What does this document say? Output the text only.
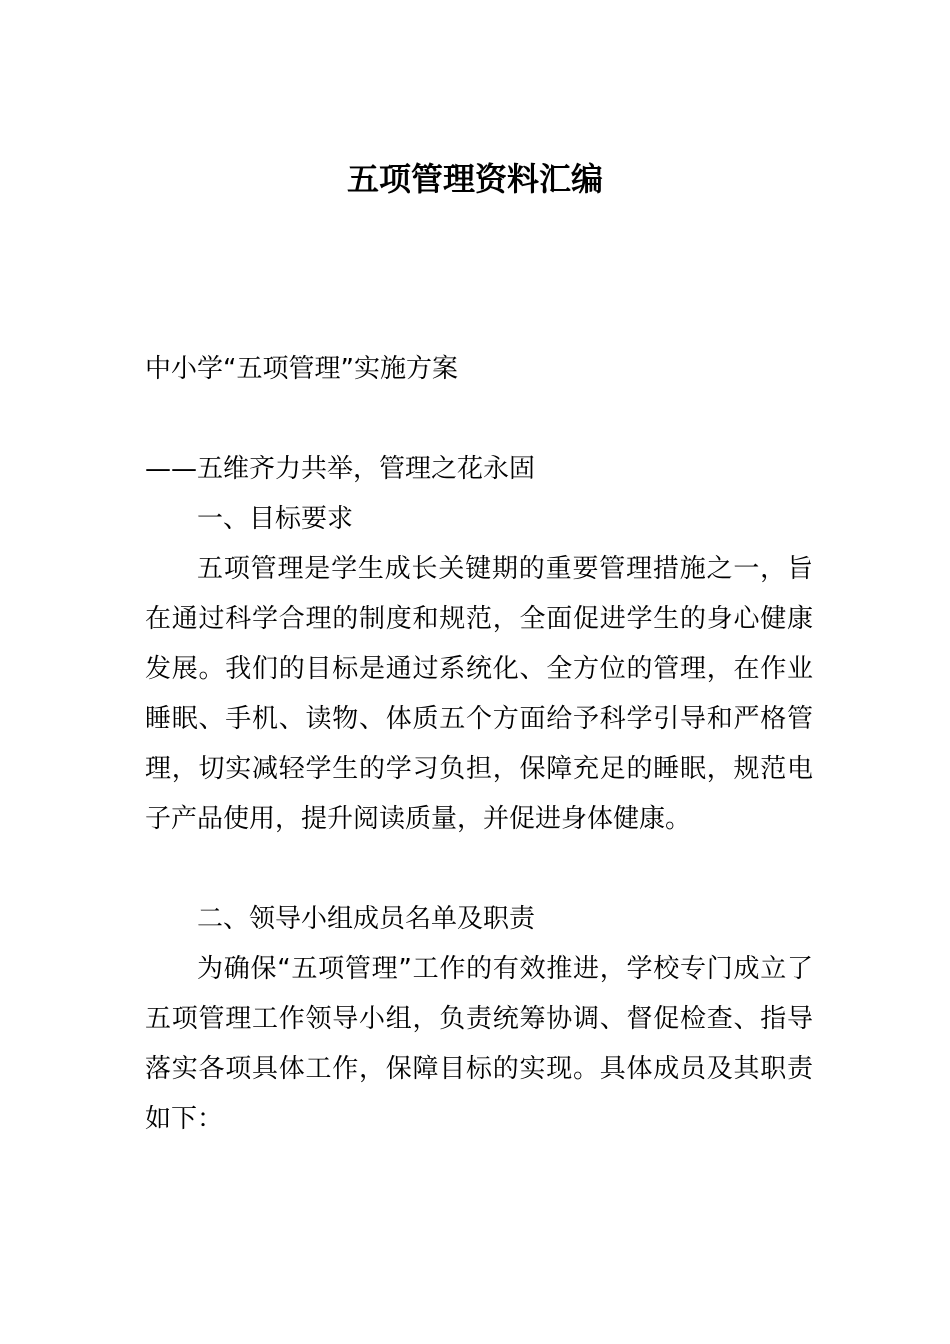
五项管理资料汇编

中小学“五项管理”实施方案

——五维齐力共举，管理之花永固

一、目标要求

五项管理是学生成长关键期的重要管理措施之一，旨在通过科学合理的制度和规范，全面促进学生的身心健康发展。我们的目标是通过系统化、全方位的管理，在作业睡眠、手机、读物、体质五个方面给予科学引导和严格管理，切实减轻学生的学习负担，保障充足的睡眠，规范电子产品使用，提升阅读质量，并促进身体健康。

二、领导小组成员名单及职责

为确保“五项管理”工作的有效推进，学校专门成立了五项管理工作领导小组，负责统筹协调、督促检查、指导落实各项具体工作，保障目标的实现。具体成员及其职责如下：
